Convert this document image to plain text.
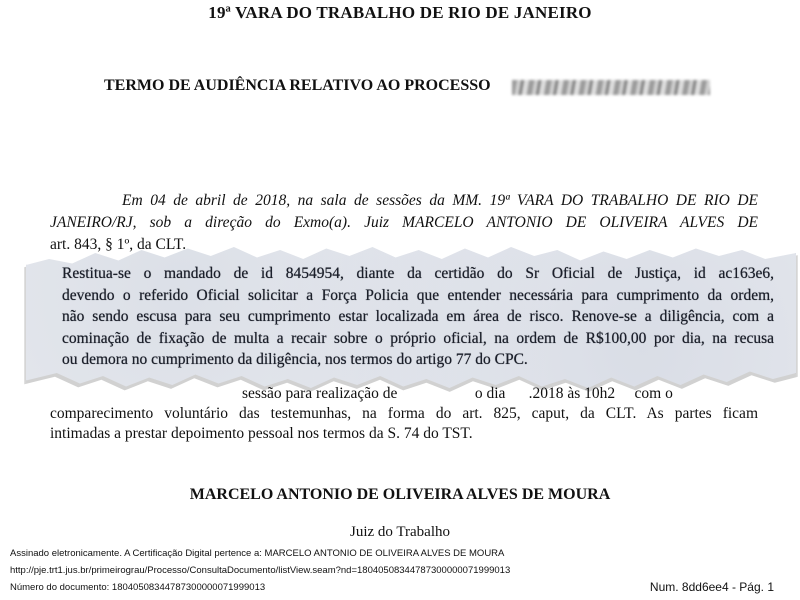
19ª VARA DO TRABALHO DE RIO DE JANEIRO
TERMO DE AUDIÊNCIA RELATIVO AO PROCESSO
Em 04 de abril de 2018, na sala de sessões da MM. 19ª VARA DO TRABALHO DE RIO DE
JANEIRO/RJ, sob a direção do Exmo(a). Juiz MARCELO ANTONIO DE OLIVEIRA ALVES DE
art. 843, § 1º, da CLT.
Restitua-se o mandado de id 8454954, diante da certidão do Sr Oficial de Justiça, id ac163e6,
devendo o referido Oficial solicitar a Força Policia que entender necessária para cumprimento da ordem,
não sendo escusa para seu cumprimento estar localizada em área de risco. Renove-se a diligência, com a
cominação de fixação de multa a recair sobre o próprio oficial, na ordem de R$100,00 por dia, na recusa
ou demora no cumprimento da diligência, nos termos do artigo 77 do CPC.
sessão para realização de                    o dia      .2018 às 10h2     com o
comparecimento voluntário das testemunhas, na forma do art. 825, caput, da CLT. As partes ficam
intimadas a prestar depoimento pessoal nos termos da S. 74 do TST.
MARCELO ANTONIO DE OLIVEIRA ALVES DE MOURA
Juiz do Trabalho
Assinado eletronicamente. A Certificação Digital pertence a: MARCELO ANTONIO DE OLIVEIRA ALVES DE MOURA
http://pje.trt1.jus.br/primeirograu/Processo/ConsultaDocumento/listView.seam?nd=18040508344787300000071999013
Número do documento: 18040508344787300000071999013	Num. 8dd6ee4 - Pág. 1
